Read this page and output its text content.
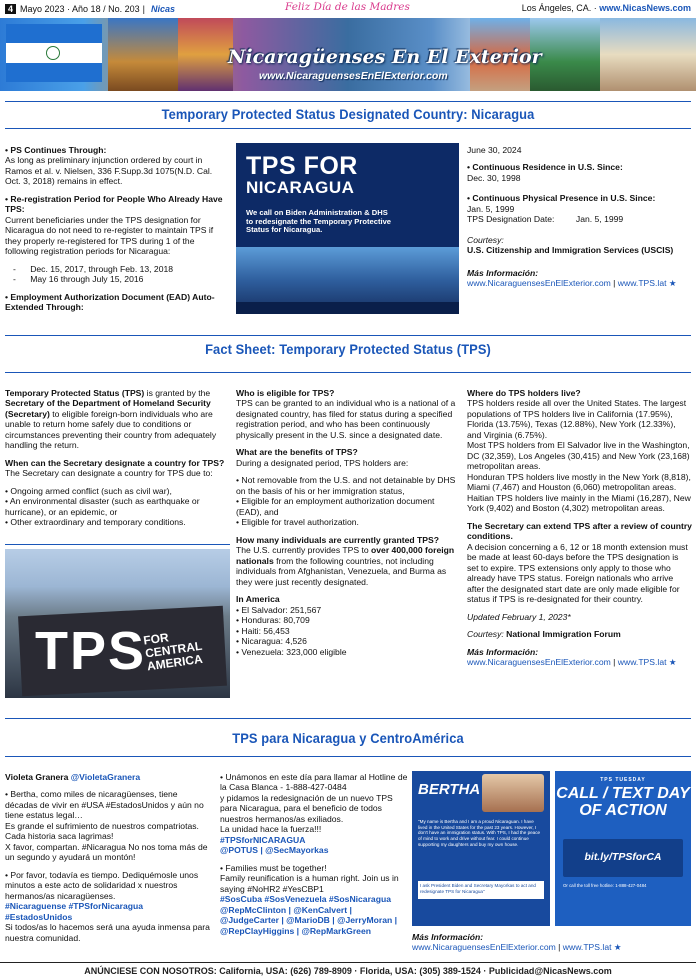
4 Mayo 2023 · Año 18 / No. 203 | Nicas	Feliz Día de las Madres	Los Ángeles, CA. · www.NicasNews.com
Nicaragüenses En El Exterior
www.NicaraguensesEnElExterior.com
Temporary Protected Status Designated Country: Nicaragua

• PS Continues Through:
As long as preliminary injunction ordered by court in Ramos et al. v. Nielsen, 336 F.Supp.3d 1075(N.D. Cal. Oct. 3, 2018) remains in effect.

• Re-registration Period for People Who Already Have TPS:
Current beneficiaries under the TPS designation for Nicaragua do not need to re-register to maintain TPS if they properly re-registered for TPS during 1 of the following registration periods for Nicaragua:

-      Dec. 15, 2017, through Feb. 13, 2018
-      May 16 through July 15, 2016

• Employment Authorization Document (EAD) Auto-Extended Through:

TPS FOR
NICARAGUA
We call on Biden Administration & DHS to redesignate the Temporary Protective Status for Nicaragua.

June 30, 2024

• Continuous Residence in U.S. Since:
Dec. 30, 1998

• Continuous Physical Presence in U.S. Since:
Jan. 5, 1999
TPS Designation Date:         Jan. 5, 1999

Courtesy:

U.S. Citizenship and Immigration Services (USCIS)

Más Información:

www.NicaraguensesEnElExterior.com | www.TPS.lat ★

Fact Sheet: Temporary Protected Status (TPS)

Temporary Protected Status (TPS) is granted by the Secretary of the Department of Homeland Security (Secretary) to eligible foreign-born individuals who are unable to return home safely due to conditions or circumstances preventing their country from adequately handling the return.

When can the Secretary designate a country for TPS?
The Secretary can designate a country for TPS due to:

• Ongoing armed conflict (such as civil war),
• An environmental disaster (such as earthquake or hurricane), or an epidemic, or
• Other extraordinary and temporary conditions.
TPS
FOR CENTRAL AMERICA

Who is eligible for TPS?
TPS can be granted to an individual who is a national of a designated country, has filed for status during a specified registration period, and who has been continuously physically present in the U.S. since a designated date.

What are the benefits of TPS?
During a designated period, TPS holders are:

• Not removable from the U.S. and not detainable by DHS on the basis of his or her immigration status,
• Eligible for an employment authorization document (EAD), and
• Eligible for travel authorization.

How many individuals are currently granted TPS?
The U.S. currently provides TPS to over 400,000 foreign nationals from the following countries, not including individuals from Afghanistan, Venezuela, and Burma as they were just recently designated.

In America

• El Salvador: 251,567
• Honduras: 80,709
• Haiti: 56,453
• Nicaragua: 4,526
• Venezuela: 323,000 eligible

Where do TPS holders live?
TPS holders reside all over the United States. The largest populations of TPS holders live in California (17.95%), Florida (13.75%), Texas (12.88%), New York (12.33%), and Virginia (6.75%).

Most TPS holders from El Salvador live in the Washington, DC (32,359), Los Angeles (30,415) and New York (23,168) metropolitan areas.

Honduran TPS holders live mostly in the New York (8,818), Miami (7,467) and Houston (6,060) metropolitan areas.

Haitian TPS holders live mainly in the Miami (16,287), New York (9,402) and Boston (4,302) metropolitan areas.

The Secretary can extend TPS after a review of country conditions.
A decision concerning a 6, 12 or 18 month extension must be made at least 60-days before the TPS designation is set to expire. TPS extensions only apply to those who already have TPS status. Foreign nationals who arrive after the designated start date are only made eligible for status if TPS is re-designated for their country.

Updated February 1, 2023*

Courtesy: National Immigration Forum

Más Información:

www.NicaraguensesEnElExterior.com | www.TPS.lat ★

TPS para Nicaragua y CentroAmérica

Violeta Granera @VioletaGranera

• Bertha, como miles de nicaragüenses, tiene décadas de vivir en #USA #EstadosUnidos y aún no tiene estatus legal…

Es grande el sufrimiento de nuestros compatriotas. Cada historia saca lagrimas!

X favor, compartan. #Nicaragua No nos toma más de un segundo y ayudará un montón!

• Por favor, todavía es tiempo. Dediquémosle unos minutos a este acto de solidaridad x nuestros hermanos/as nicaragüenses.

#Nicaraguense #TPSforNicaragua #EstadosUnidos

Si todos/as lo hacemos será una ayuda inmensa para nuestra comunidad.

• Unámonos en este día para llamar al Hotline de la Casa Blanca - 1-888-427-0484

y pidamos la redesignación de un nuevo TPS para Nicaragua, para el beneficio de todos nuestros hermanos/as exiliados.

La unidad hace la fuerza!!!

#TPSforNICARAGUA

@POTUS | @SecMayorkas

• Families must be together!

Family reunification is a human right. Join us in saying #NoHR2 #YesCBP1

#SosCuba #SosVenezuela #SosNicaragua

@RepMcClinton | @KenCalvert | @JudgeCarter | @MarioDB | @JerryMoran | @RepClayHiggins | @RepMarkGreen

BERTHA
"My name is Bertha and I am a proud Nicaraguan. I have lived in the United States for the past 23 years. However, I don't have an immigration status. With TPS, I had the peace of mind to work and drive without fear. I could continue supporting my daughters and buy my own house.
I ask President Biden and Secretary Mayorkas to act and redesignate TPS for Nicaragua"
TPS TUESDAY
CALL / TEXT DAY OF ACTION
bit.ly/TPSforCA
Or call the toll free hotline: 1-888-427-0484

Más Información:

www.NicaraguensesEnElExterior.com | www.TPS.lat ★

ANÚNCIESE CON NOSOTROS: California, USA: (626) 789-8909 · Florida, USA: (305) 389-1524 · Publicidad@NicasNews.com
